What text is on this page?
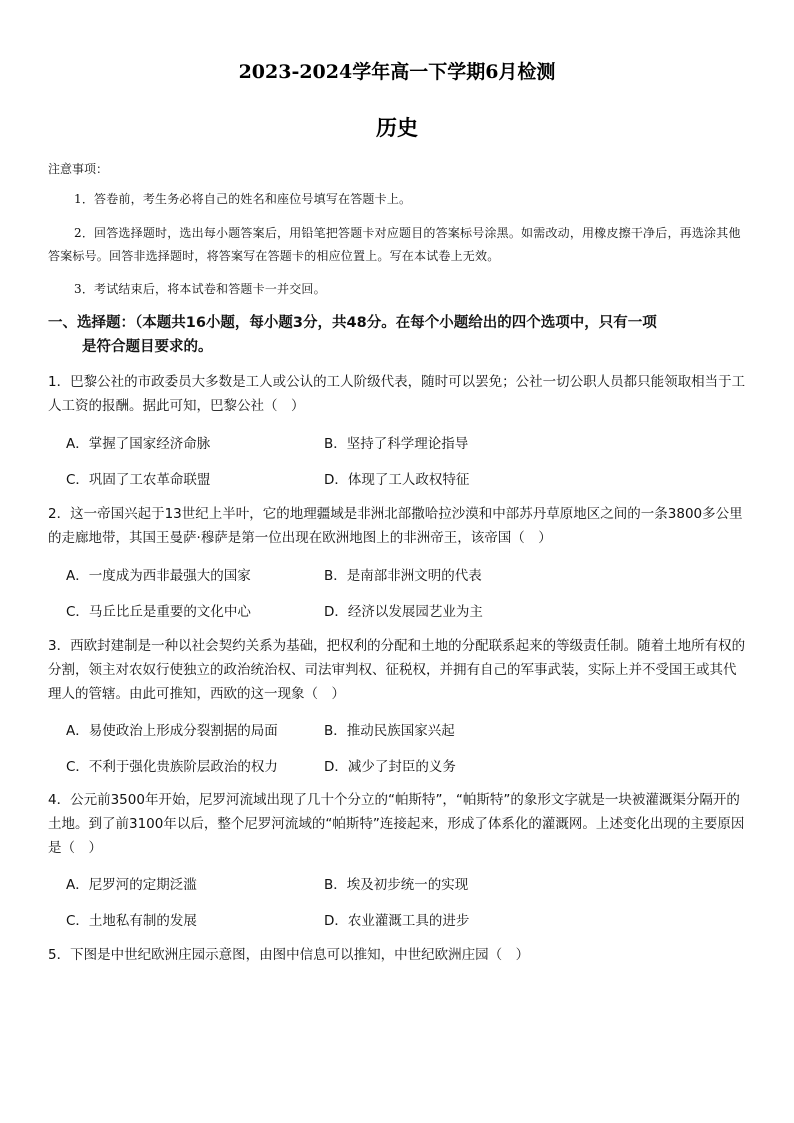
2023-2024学年高一下学期6月检测
历史
注意事项：
1．答卷前，考生务必将自己的姓名和座位号填写在答题卡上。
2．回答选择题时，选出每小题答案后，用铅笔把答题卡对应题目的答案标号涂黑。如需改动，用橡皮擦干净后，再选涂其他答案标号。回答非选择题时，将答案写在答题卡的相应位置上。写在本试卷上无效。
3．考试结束后，将本试卷和答题卡一并交回。
一、选择题：（本题共16小题，每小题3分，共48分。在每个小题给出的四个选项中，只有一项
是符合题目要求的。
1．巴黎公社的市政委员大多数是工人或公认的工人阶级代表，随时可以罢免；公社一切公职人员都只能领取相当于工人工资的报酬。据此可知，巴黎公社（　）
A．掌握了国家经济命脉	B．坚持了科学理论指导
C．巩固了工农革命联盟	D．体现了工人政权特征
2．这一帝国兴起于13世纪上半叶，它的地理疆域是非洲北部撒哈拉沙漠和中部苏丹草原地区之间的一条3800多公里的走廊地带，其国王曼萨·穆萨是第一位出现在欧洲地图上的非洲帝王，该帝国（　）
A．一度成为西非最强大的国家	B．是南部非洲文明的代表
C．马丘比丘是重要的文化中心	D．经济以发展园艺业为主
3．西欧封建制是一种以社会契约关系为基础，把权利的分配和土地的分配联系起来的等级责任制。随着土地所有权的分割，领主对农奴行使独立的政治统治权、司法审判权、征税权，并拥有自己的军事武装，实际上并不受国王或其代理人的管辖。由此可推知，西欧的这一现象（　）
A．易使政治上形成分裂割据的局面	B．推动民族国家兴起
C．不利于强化贵族阶层政治的权力	D．减少了封臣的义务
4．公元前3500年开始，尼罗河流域出现了几十个分立的“帕斯特”，“帕斯特”的象形文字就是一块被灌溉渠分隔开的土地。到了前3100年以后，整个尼罗河流域的“帕斯特”连接起来，形成了体系化的灌溉网。上述变化出现的主要原因是（　）
A．尼罗河的定期泛滥	B．埃及初步统一的实现
C．土地私有制的发展	D．农业灌溉工具的进步
5．下图是中世纪欧洲庄园示意图，由图中信息可以推知，中世纪欧洲庄园（　）
